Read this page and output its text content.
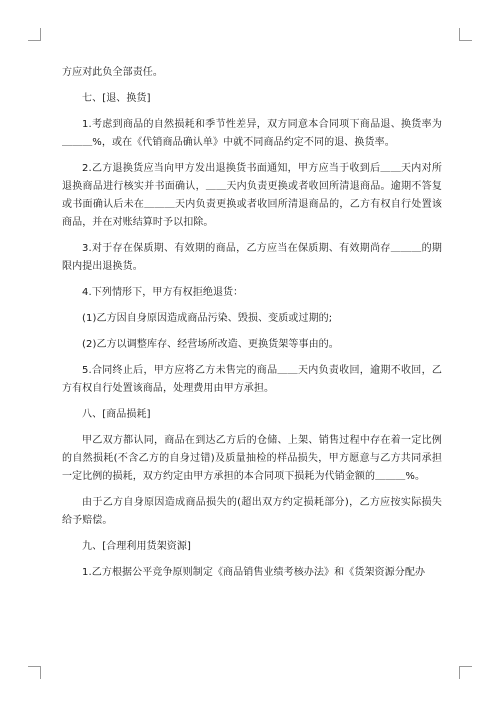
方应对此负全部责任。

七、[退、换货]

1.考虑到商品的自然损耗和季节性差异，双方同意本合同项下商品退、换货率为＿＿＿%，或在《代销商品确认单》中就不同商品约定不同的退、换货率。

2.乙方退换货应当向甲方发出退换货书面通知，甲方应当于收到后＿＿天内对所退换商品进行核实并书面确认，＿＿天内负责更换或者收回所清退商品。逾期不答复或书面确认后未在＿＿＿天内负责更换或者收回所清退商品的，乙方有权自行处置该商品，并在对账结算时予以扣除。

3.对于存在保质期、有效期的商品，乙方应当在保质期、有效期尚存＿＿＿的期限内提出退换货。

4.下列情形下，甲方有权拒绝退货：

(1)乙方因自身原因造成商品污染、毁损、变质或过期的;

(2)乙方以调整库存、经营场所改造、更换货架等事由的。

5.合同终止后，甲方应将乙方未售完的商品＿＿天内负责收回，逾期不收回，乙方有权自行处置该商品，处理费用由甲方承担。

八、[商品损耗]

甲乙双方都认同，商品在到达乙方后的仓储、上架、销售过程中存在着一定比例的自然损耗(不含乙方的自身过错)及质量抽检的样品损失，甲方愿意与乙方共同承担一定比例的损耗，双方约定由甲方承担的本合同项下损耗为代销金额的＿＿＿%。

由于乙方自身原因造成商品损失的(超出双方约定损耗部分)，乙方应按实际损失给予赔偿。

九、[合理利用货架资源]

1.乙方根据公平竞争原则制定《商品销售业绩考核办法》和《货架资源分配办
